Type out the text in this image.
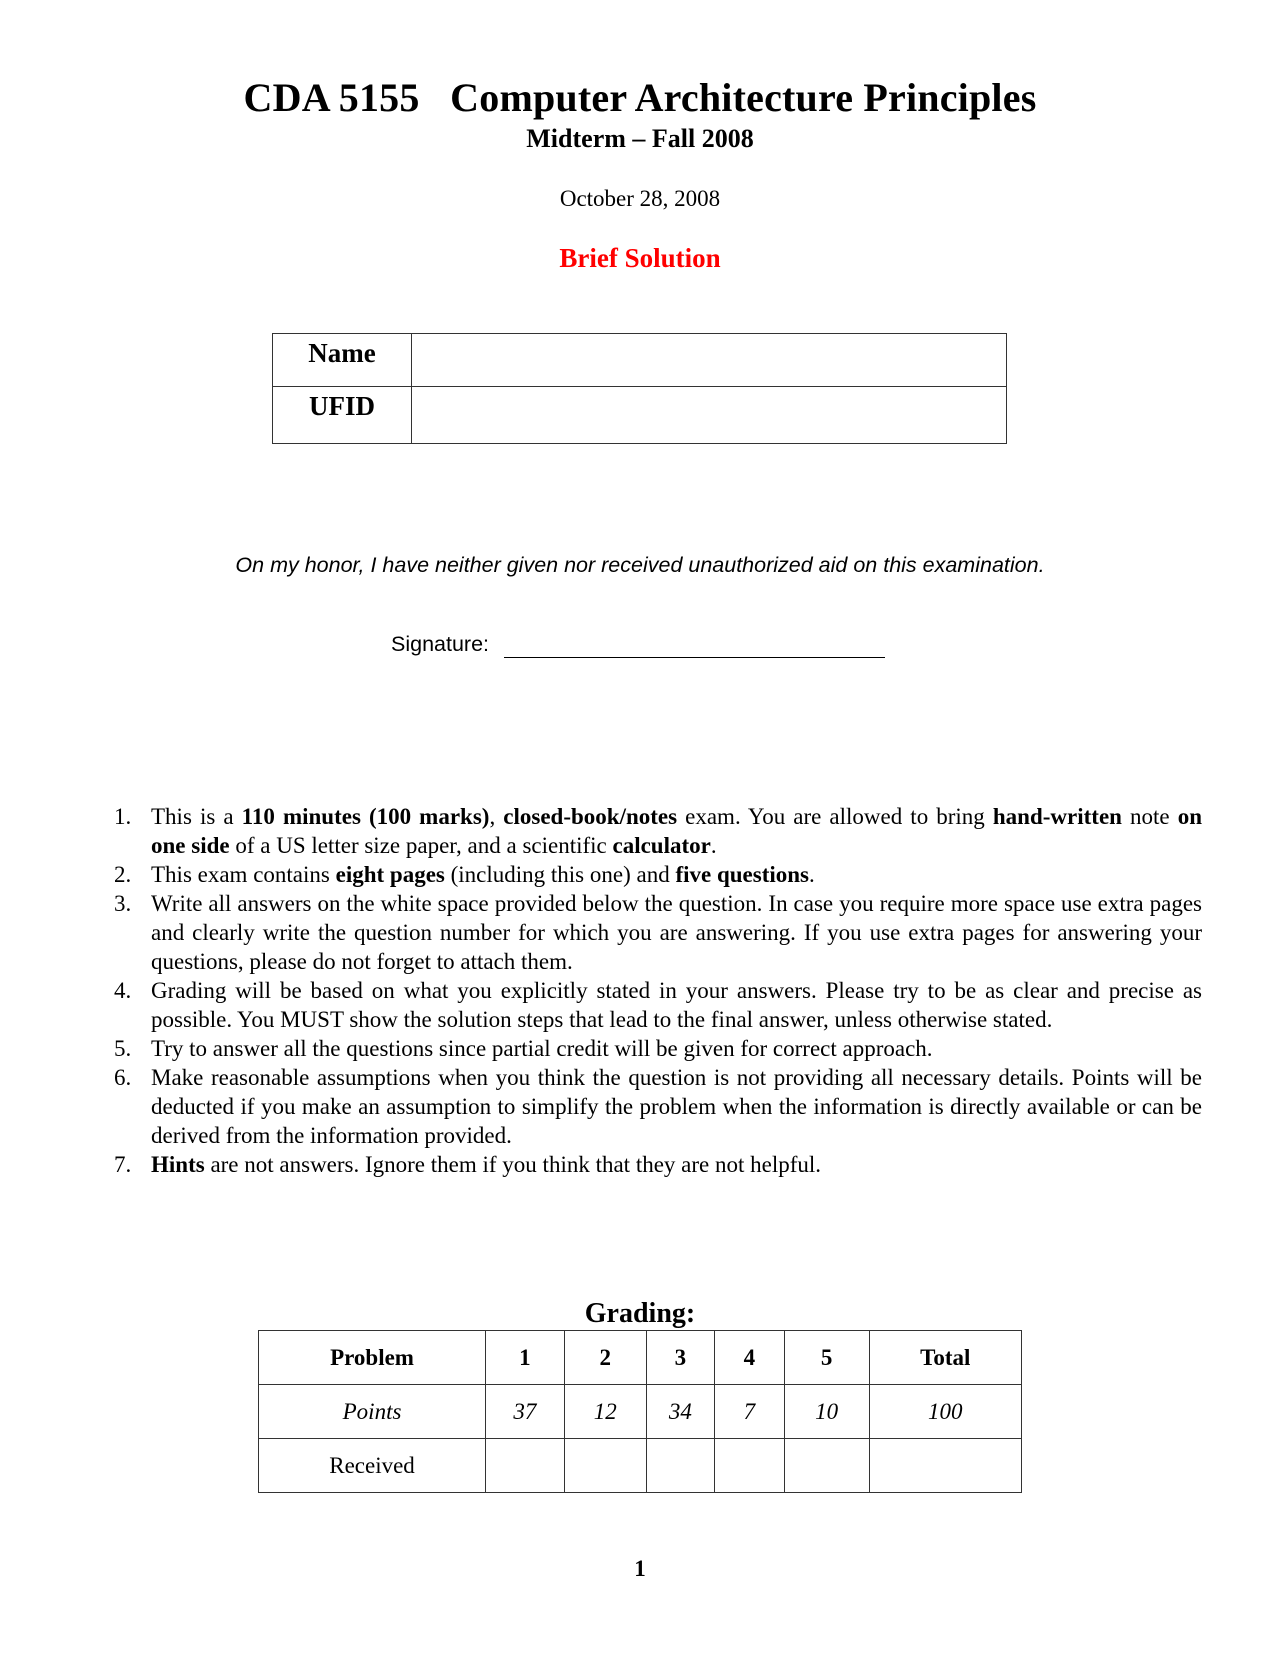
CDA 5155   Computer Architecture Principles
Midterm – Fall 2008
October 28, 2008
Brief Solution
Name	
UFID	
On my honor, I have neither given nor received unauthorized aid on this examination.
Signature:
1. This is a 110 minutes (100 marks), closed-book/notes exam. You are allowed to bring hand-written note on one side of a US letter size paper, and a scientific calculator.
2. This exam contains eight pages (including this one) and five questions.
3. Write all answers on the white space provided below the question. In case you require more space use extra pages and clearly write the question number for which you are answering. If you use extra pages for answering your questions, please do not forget to attach them.
4. Grading will be based on what you explicitly stated in your answers. Please try to be as clear and precise as possible. You MUST show the solution steps that lead to the final answer, unless otherwise stated.
5. Try to answer all the questions since partial credit will be given for correct approach.
6. Make reasonable assumptions when you think the question is not providing all necessary details. Points will be deducted if you make an assumption to simplify the problem when the information is directly available or can be derived from the information provided.
7. Hints are not answers. Ignore them if you think that they are not helpful.
Grading:
Problem	1	2	3	4	5	Total
Points	37	12	34	7	10	100
Received						
1
